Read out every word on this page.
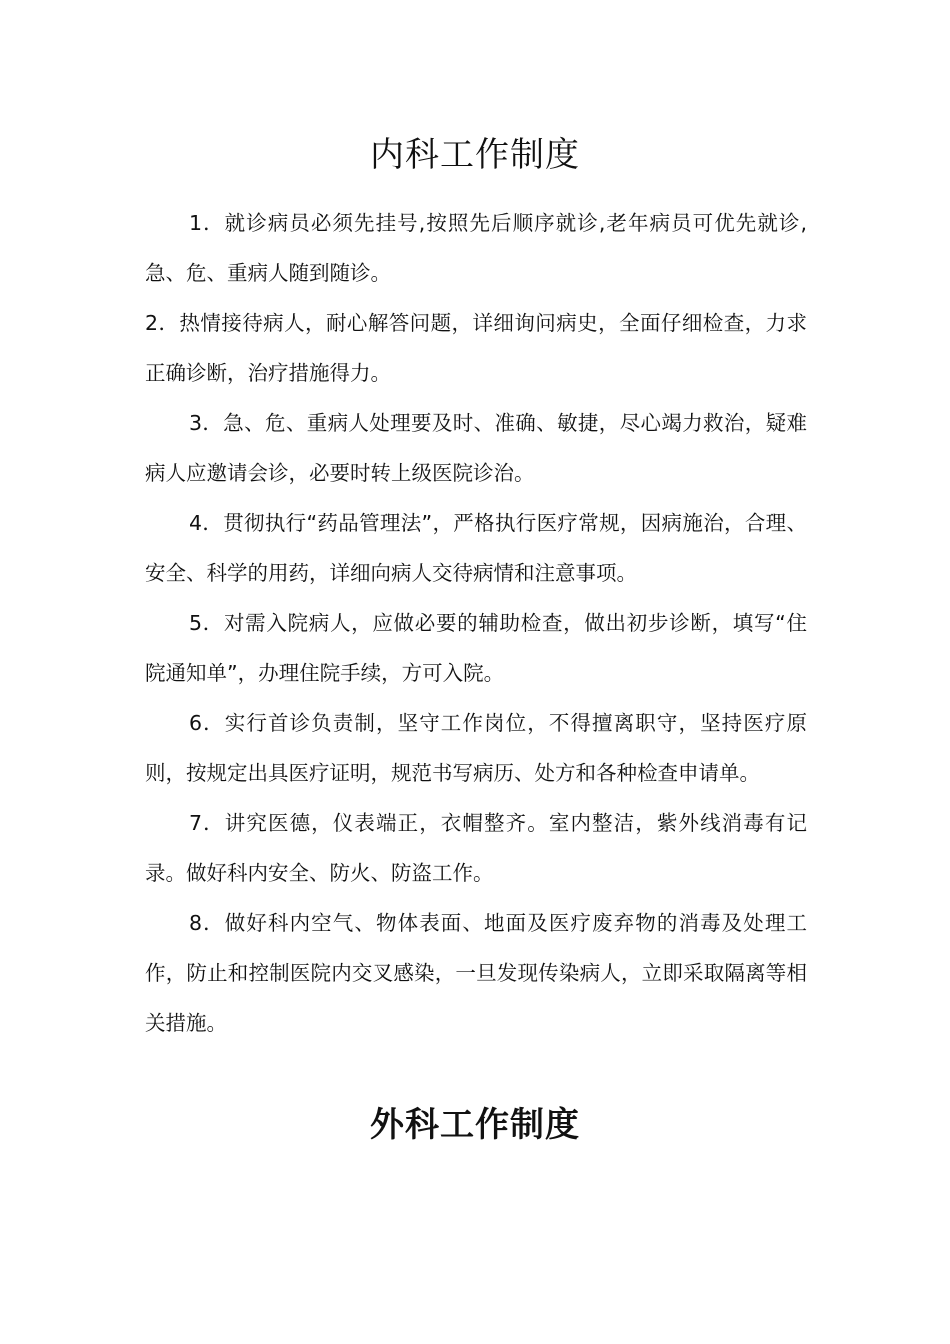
内科工作制度

1．就诊病员必须先挂号,按照先后顺序就诊,老年病员可优先就诊,急、危、重病人随到随诊。

2．热情接待病人，耐心解答问题，详细询问病史，全面仔细检查，力求正确诊断，治疗措施得力。

3．急、危、重病人处理要及时、准确、敏捷，尽心竭力救治，疑难病人应邀请会诊，必要时转上级医院诊治。

4．贯彻执行“药品管理法”，严格执行医疗常规，因病施治，合理、安全、科学的用药，详细向病人交待病情和注意事项。

5．对需入院病人，应做必要的辅助检查，做出初步诊断，填写“住院通知单”，办理住院手续，方可入院。

6．实行首诊负责制，坚守工作岗位，不得擅离职守，坚持医疗原则，按规定出具医疗证明，规范书写病历、处方和各种检查申请单。

7．讲究医德，仪表端正，衣帽整齐。室内整洁，紫外线消毒有记录。做好科内安全、防火、防盗工作。

8．做好科内空气、物体表面、地面及医疗废弃物的消毒及处理工作，防止和控制医院内交叉感染，一旦发现传染病人，立即采取隔离等相关措施。

外科工作制度
